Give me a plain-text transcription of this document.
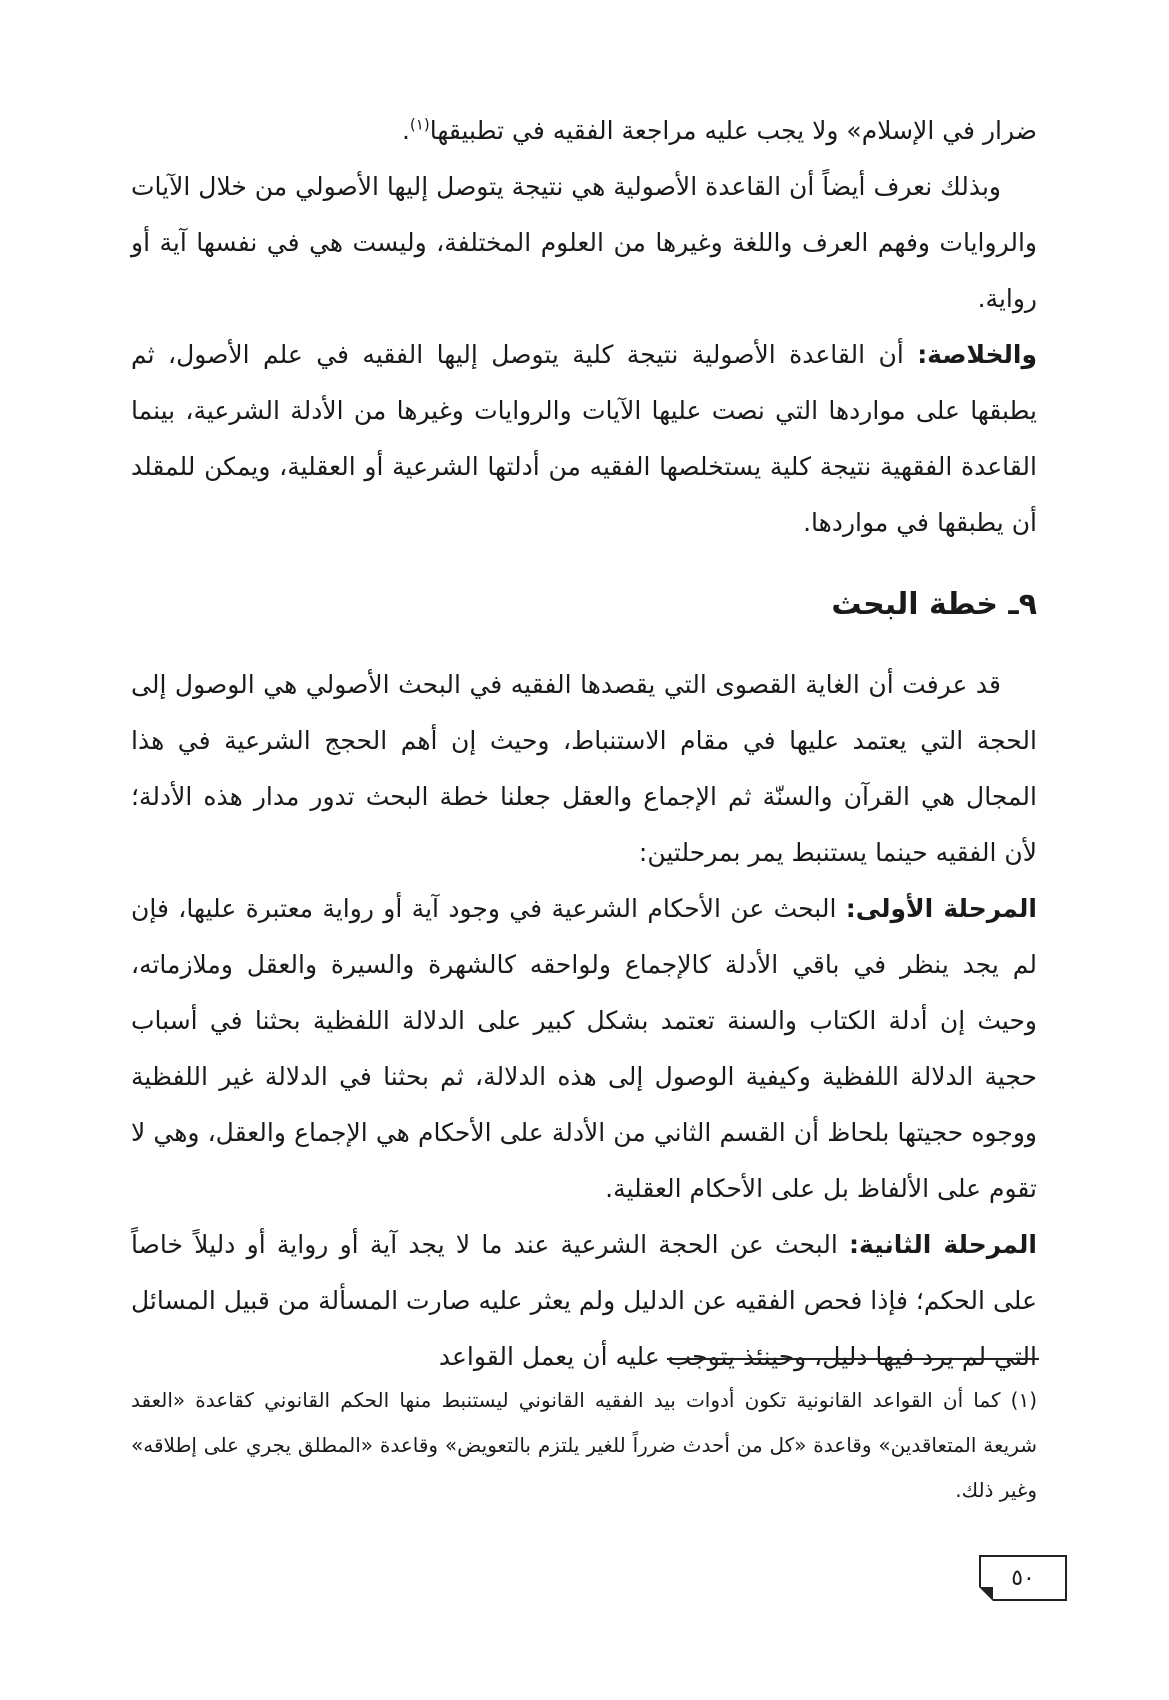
ضرار في الإسلام» ولا يجب عليه مراجعة الفقيه في تطبيقها$^{(١)}$.

وبذلك نعرف أيضاً أن القاعدة الأصولية هي نتيجة يتوصل إليها الأصولي من خلال الآيات والروايات وفهم العرف واللغة وغيرها من العلوم المختلفة، وليست هي في نفسها آية أو رواية.

والخلاصة: أن القاعدة الأصولية نتيجة كلية يتوصل إليها الفقيه في علم الأصول، ثم يطبقها على مواردها التي نصت عليها الآيات والروايات وغيرها من الأدلة الشرعية، بينما القاعدة الفقهية نتيجة كلية يستخلصها الفقيه من أدلتها الشرعية أو العقلية، ويمكن للمقلد أن يطبقها في مواردها.

٩ـ خطة البحث

قد عرفت أن الغاية القصوى التي يقصدها الفقيه في البحث الأصولي هي الوصول إلى الحجة التي يعتمد عليها في مقام الاستنباط، وحيث إن أهم الحجج الشرعية في هذا المجال هي القرآن والسنّة ثم الإجماع والعقل جعلنا خطة البحث تدور مدار هذه الأدلة؛ لأن الفقيه حينما يستنبط يمر بمرحلتين:

المرحلة الأولى: البحث عن الأحكام الشرعية في وجود آية أو رواية معتبرة عليها، فإن لم يجد ينظر في باقي الأدلة كالإجماع ولواحقه كالشهرة والسيرة والعقل وملازماته، وحيث إن أدلة الكتاب والسنة تعتمد بشكل كبير على الدلالة اللفظية بحثنا في أسباب حجية الدلالة اللفظية وكيفية الوصول إلى هذه الدلالة، ثم بحثنا في الدلالة غير اللفظية ووجوه حجيتها بلحاظ أن القسم الثاني من الأدلة على الأحكام هي الإجماع والعقل، وهي لا تقوم على الألفاظ بل على الأحكام العقلية.

المرحلة الثانية: البحث عن الحجة الشرعية عند ما لا يجد آية أو رواية أو دليلاً خاصاً على الحكم؛ فإذا فحص الفقيه عن الدليل ولم يعثر عليه صارت المسألة من قبيل المسائل التي لم يرد فيها دليل، وحينئذ يتوجب عليه أن يعمل القواعد

(١) كما أن القواعد القانونية تكون أدوات بيد الفقيه القانوني ليستنبط منها الحكم القانوني كقاعدة «العقد شريعة المتعاقدين» وقاعدة «كل من أحدث ضرراً للغير يلتزم بالتعويض» وقاعدة «المطلق يجري على إطلاقه» وغير ذلك.

٥٠
